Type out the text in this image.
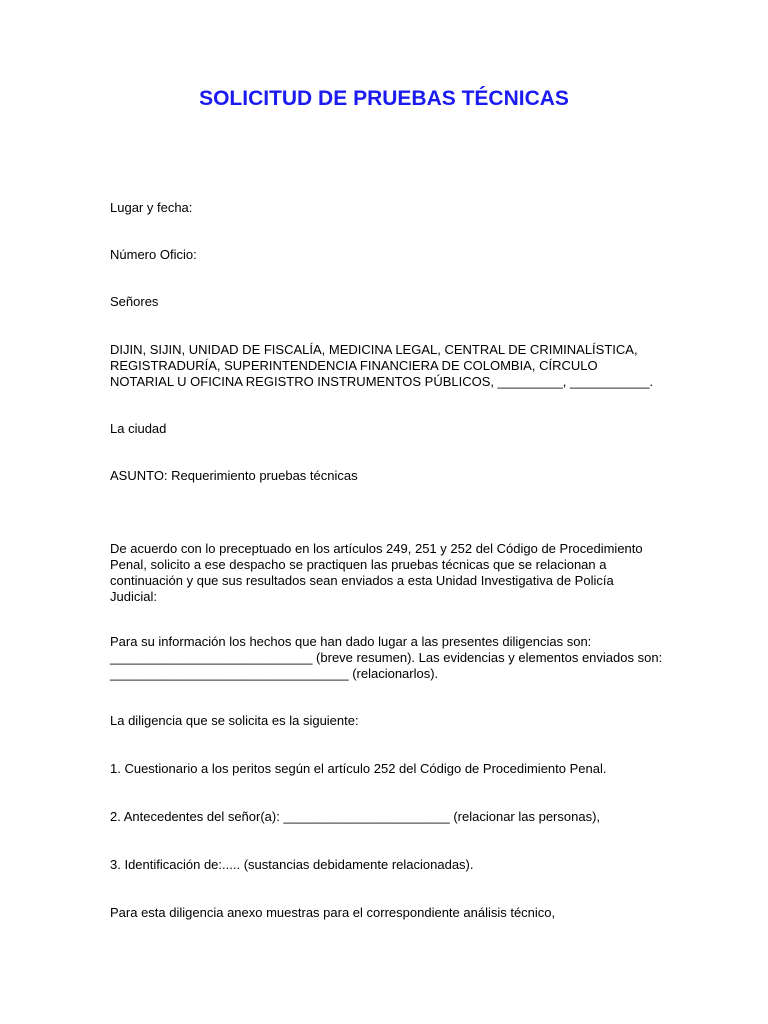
SOLICITUD DE PRUEBAS TÉCNICAS

Lugar y fecha:

Número Oficio:

Señores

DIJIN, SIJIN, UNIDAD DE FISCALÍA, MEDICINA LEGAL, CENTRAL DE CRIMINALÍSTICA,
REGISTRADURÍA, SUPERINTENDENCIA FINANCIERA DE COLOMBIA, CÍRCULO
NOTARIAL U OFICINA REGISTRO INSTRUMENTOS PÚBLICOS, _________, ___________.

La ciudad

ASUNTO: Requerimiento pruebas técnicas

De acuerdo con lo preceptuado en los artículos 249, 251 y 252 del Código de Procedimiento
Penal, solicito a ese despacho se practiquen las pruebas técnicas que se relacionan a
continuación y que sus resultados sean enviados a esta Unidad Investigativa de Policía
Judicial:

Para su información los hechos que han dado lugar a las presentes diligencias son:
____________________________ (breve resumen). Las evidencias y elementos enviados son:
_________________________________ (relacionarlos).

La diligencia que se solicita es la siguiente:

1. Cuestionario a los peritos según el artículo 252 del Código de Procedimiento Penal.

2. Antecedentes del señor(a): _______________________ (relacionar las personas),

3. Identificación de:..... (sustancias debidamente relacionadas).

Para esta diligencia anexo muestras para el correspondiente análisis técnico,
